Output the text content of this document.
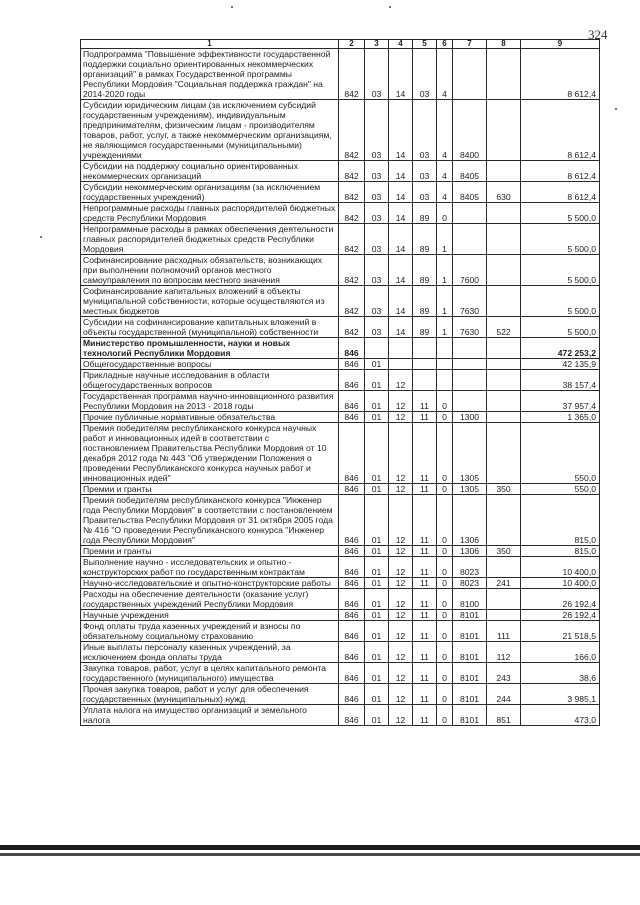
324
1	2	3	4	5	6	7	8	9
Подпрограмма "Повышение эффективности государственной поддержки социально ориентированных некоммерческих организаций" в рамках Государственной программы Республики Мордовия "Социальная поддержка граждан" на 2014-2020 годы	842	03	14	03	4			8 612,4
Субсидии юридическим лицам (за исключением субсидий государственным учреждениям), индивидуальным предпринимателям, физическим лицам - производителям товаров, работ, услуг, а также некоммерческим организациям, не являющимся государственными (муниципальными) учреждениями	842	03	14	03	4	8400		8 612,4
Субсидии на поддержку социально ориентированных некоммерческих организаций	842	03	14	03	4	8405		8 612,4
Субсидии некоммерческим организациям (за исключением государственных учреждений)	842	03	14	03	4	8405	630	8 612,4
Непрограммные расходы главных распорядителей бюджетных средств Республики Мордовия	842	03	14	89	0			5 500,0
Непрограммные расходы в рамках обеспечения деятельности главных распорядителей бюджетных средств Республики Мордовия	842	03	14	89	1			5 500,0
Софинансирование расходных обязательств, возникающих при выполнении полномочий органов местного самоуправления по вопросам местного значения	842	03	14	89	1	7600		5 500,0
Софинансирование капитальных вложений в объекты муниципальной собственности, которые осуществляются из местных бюджетов	842	03	14	89	1	7630		5 500,0
Субсидии на софинансирование капитальных вложений в объекты государственной (муниципальной) собственности	842	03	14	89	1	7630	522	5 500,0
Министерство промышленности, науки и новых технологий Республики Мордовия	846							472 253,2
Общегосударственные вопросы	846	01						42 135,9
Прикладные научные исследования в области общегосударственных вопросов	846	01	12					38 157,4
Государственная программа научно-инновационного развития Республики Мордовия на 2013 - 2018 годы	846	01	12	11	0			37 957,4
Прочие публичные нормативные обязательства	846	01	12	11	0	1300		1 365,0
Премия победителям республиканского конкурса научных работ и инновационных идей в соответствии с постановлением Правительства Республики Мордовия от 10 декабря 2012 года № 443 "Об утверждении Положения о проведении Республиканского конкурса научных работ и инновационных идей"	846	01	12	11	0	1305		550,0
Премии и гранты	846	01	12	11	0	1305	350	550,0
Премия победителям республиканского конкурса "Инженер года Республики Мордовия" в соответствии с постановлением Правительства Республики Мордовия от 31 октября 2005 года № 416 "О проведении Республиканского конкурса "Инженер года Республики Мордовия"	846	01	12	11	0	1306		815,0
Премии и гранты	846	01	12	11	0	1306	350	815,0
Выполнение научно - исследовательских и опытно - конструкторских работ по государственным контрактам	846	01	12	11	0	8023		10 400,0
Научно-исследовательские и опытно-конструкторские работы	846	01	12	11	0	8023	241	10 400,0
Расходы на обеспечение деятельности (оказание услуг) государственных учреждений Республики Мордовия	846	01	12	11	0	8100		26 192,4
Научные учреждения	846	01	12	11	0	8101		26 192,4
Фонд оплаты труда казенных учреждений и взносы по обязательному социальному страхованию	846	01	12	11	0	8101	111	21 518,5
Иные выплаты персоналу казенных учреждений, за исключением фонда оплаты труда	846	01	12	11	0	8101	112	166,0
Закупка товаров, работ, услуг в целях капитального ремонта государственного (муниципального) имущества	846	01	12	11	0	8101	243	38,6
Прочая закупка товаров, работ и услуг для обеспечения государственных (муниципальных) нужд	846	01	12	11	0	8101	244	3 985,1
Уплата налога на имущество организаций и земельного налога	846	01	12	11	0	8101	851	473,0
